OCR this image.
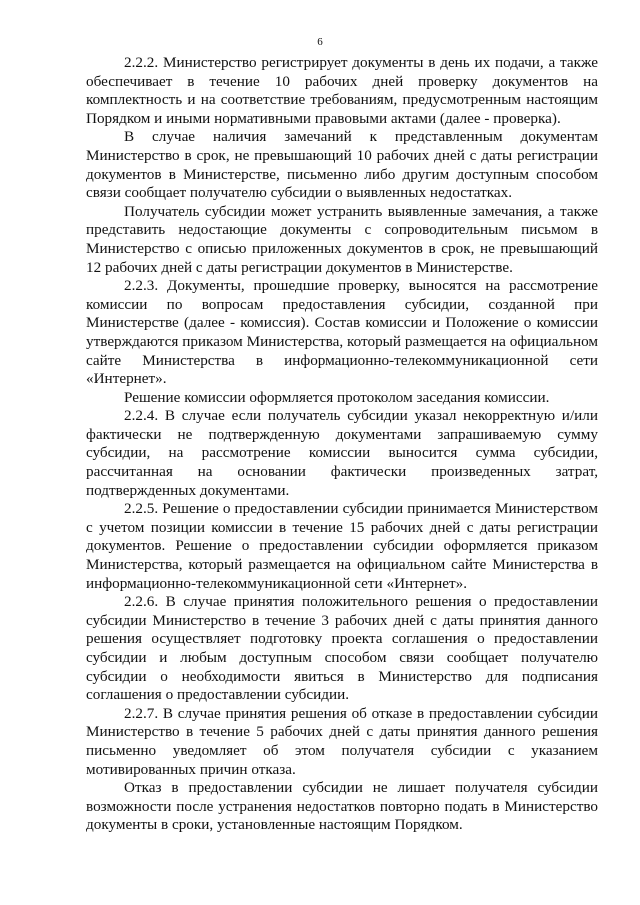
6

2.2.2. Министерство регистрирует документы в день их подачи, а также обеспечивает в течение 10 рабочих дней проверку документов на комплектность и на соответствие требованиям, предусмотренным настоящим Порядком и иными нормативными правовыми актами (далее - проверка).

В случае наличия замечаний к представленным документам Министерство в срок, не превышающий 10 рабочих дней с даты регистрации документов в Министерстве, письменно либо другим доступным способом связи сообщает получателю субсидии о выявленных недостатках.

Получатель субсидии может устранить выявленные замечания, а также представить недостающие документы с сопроводительным письмом в Министерство с описью приложенных документов в срок, не превышающий 12 рабочих дней с даты регистрации документов в Министерстве.

2.2.3. Документы, прошедшие проверку, выносятся на рассмотрение комиссии по вопросам предоставления субсидии, созданной при Министерстве (далее - комиссия). Состав комиссии и Положение о комиссии утверждаются приказом Министерства, который размещается на официальном сайте Министерства в информационно-телекоммуникационной сети «Интернет».

Решение комиссии оформляется протоколом заседания комиссии.

2.2.4. В случае если получатель субсидии указал некорректную и/или фактически не подтвержденную документами запрашиваемую сумму субсидии, на рассмотрение комиссии выносится сумма субсидии, рассчитанная на основании фактически произведенных затрат, подтвержденных документами.

2.2.5. Решение о предоставлении субсидии принимается Министерством с учетом позиции комиссии в течение 15 рабочих дней с даты регистрации документов. Решение о предоставлении субсидии оформляется приказом Министерства, который размещается на официальном сайте Министерства в информационно-телекоммуникационной сети «Интернет».

2.2.6. В случае принятия положительного решения о предоставлении субсидии Министерство в течение 3 рабочих дней с даты принятия данного решения осуществляет подготовку проекта соглашения о предоставлении субсидии и любым доступным способом связи сообщает получателю субсидии о необходимости явиться в Министерство для подписания соглашения о предоставлении субсидии.

2.2.7. В случае принятия решения об отказе в предоставлении субсидии Министерство в течение 5 рабочих дней с даты принятия данного решения письменно уведомляет об этом получателя субсидии с указанием мотивированных причин отказа.

Отказ в предоставлении субсидии не лишает получателя субсидии возможности после устранения недостатков повторно подать в Министерство документы в сроки, установленные настоящим Порядком.
